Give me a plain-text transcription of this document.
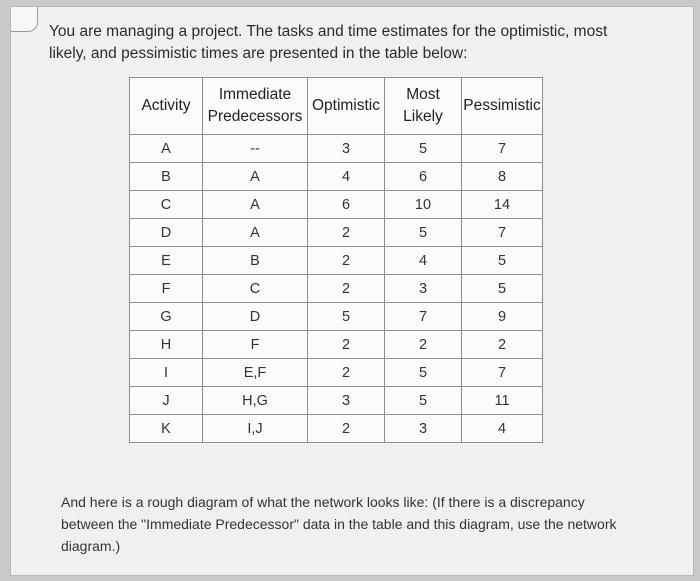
You are managing a project. The tasks and time estimates for the optimistic, most likely, and pessimistic times are presented in the table below:

Activity	Immediate Predecessors	Optimistic	Most Likely	Pessimistic
A	--	3	5	7
B	A	4	6	8
C	A	6	10	14
D	A	2	5	7
E	B	2	4	5
F	C	2	3	5
G	D	5	7	9
H	F	2	2	2
I	E,F	2	5	7
J	H,G	3	5	11
K	I,J	2	3	4

And here is a rough diagram of what the network looks like: (If there is a discrepancy between the "Immediate Predecessor" data in the table and this diagram, use the network diagram.)
